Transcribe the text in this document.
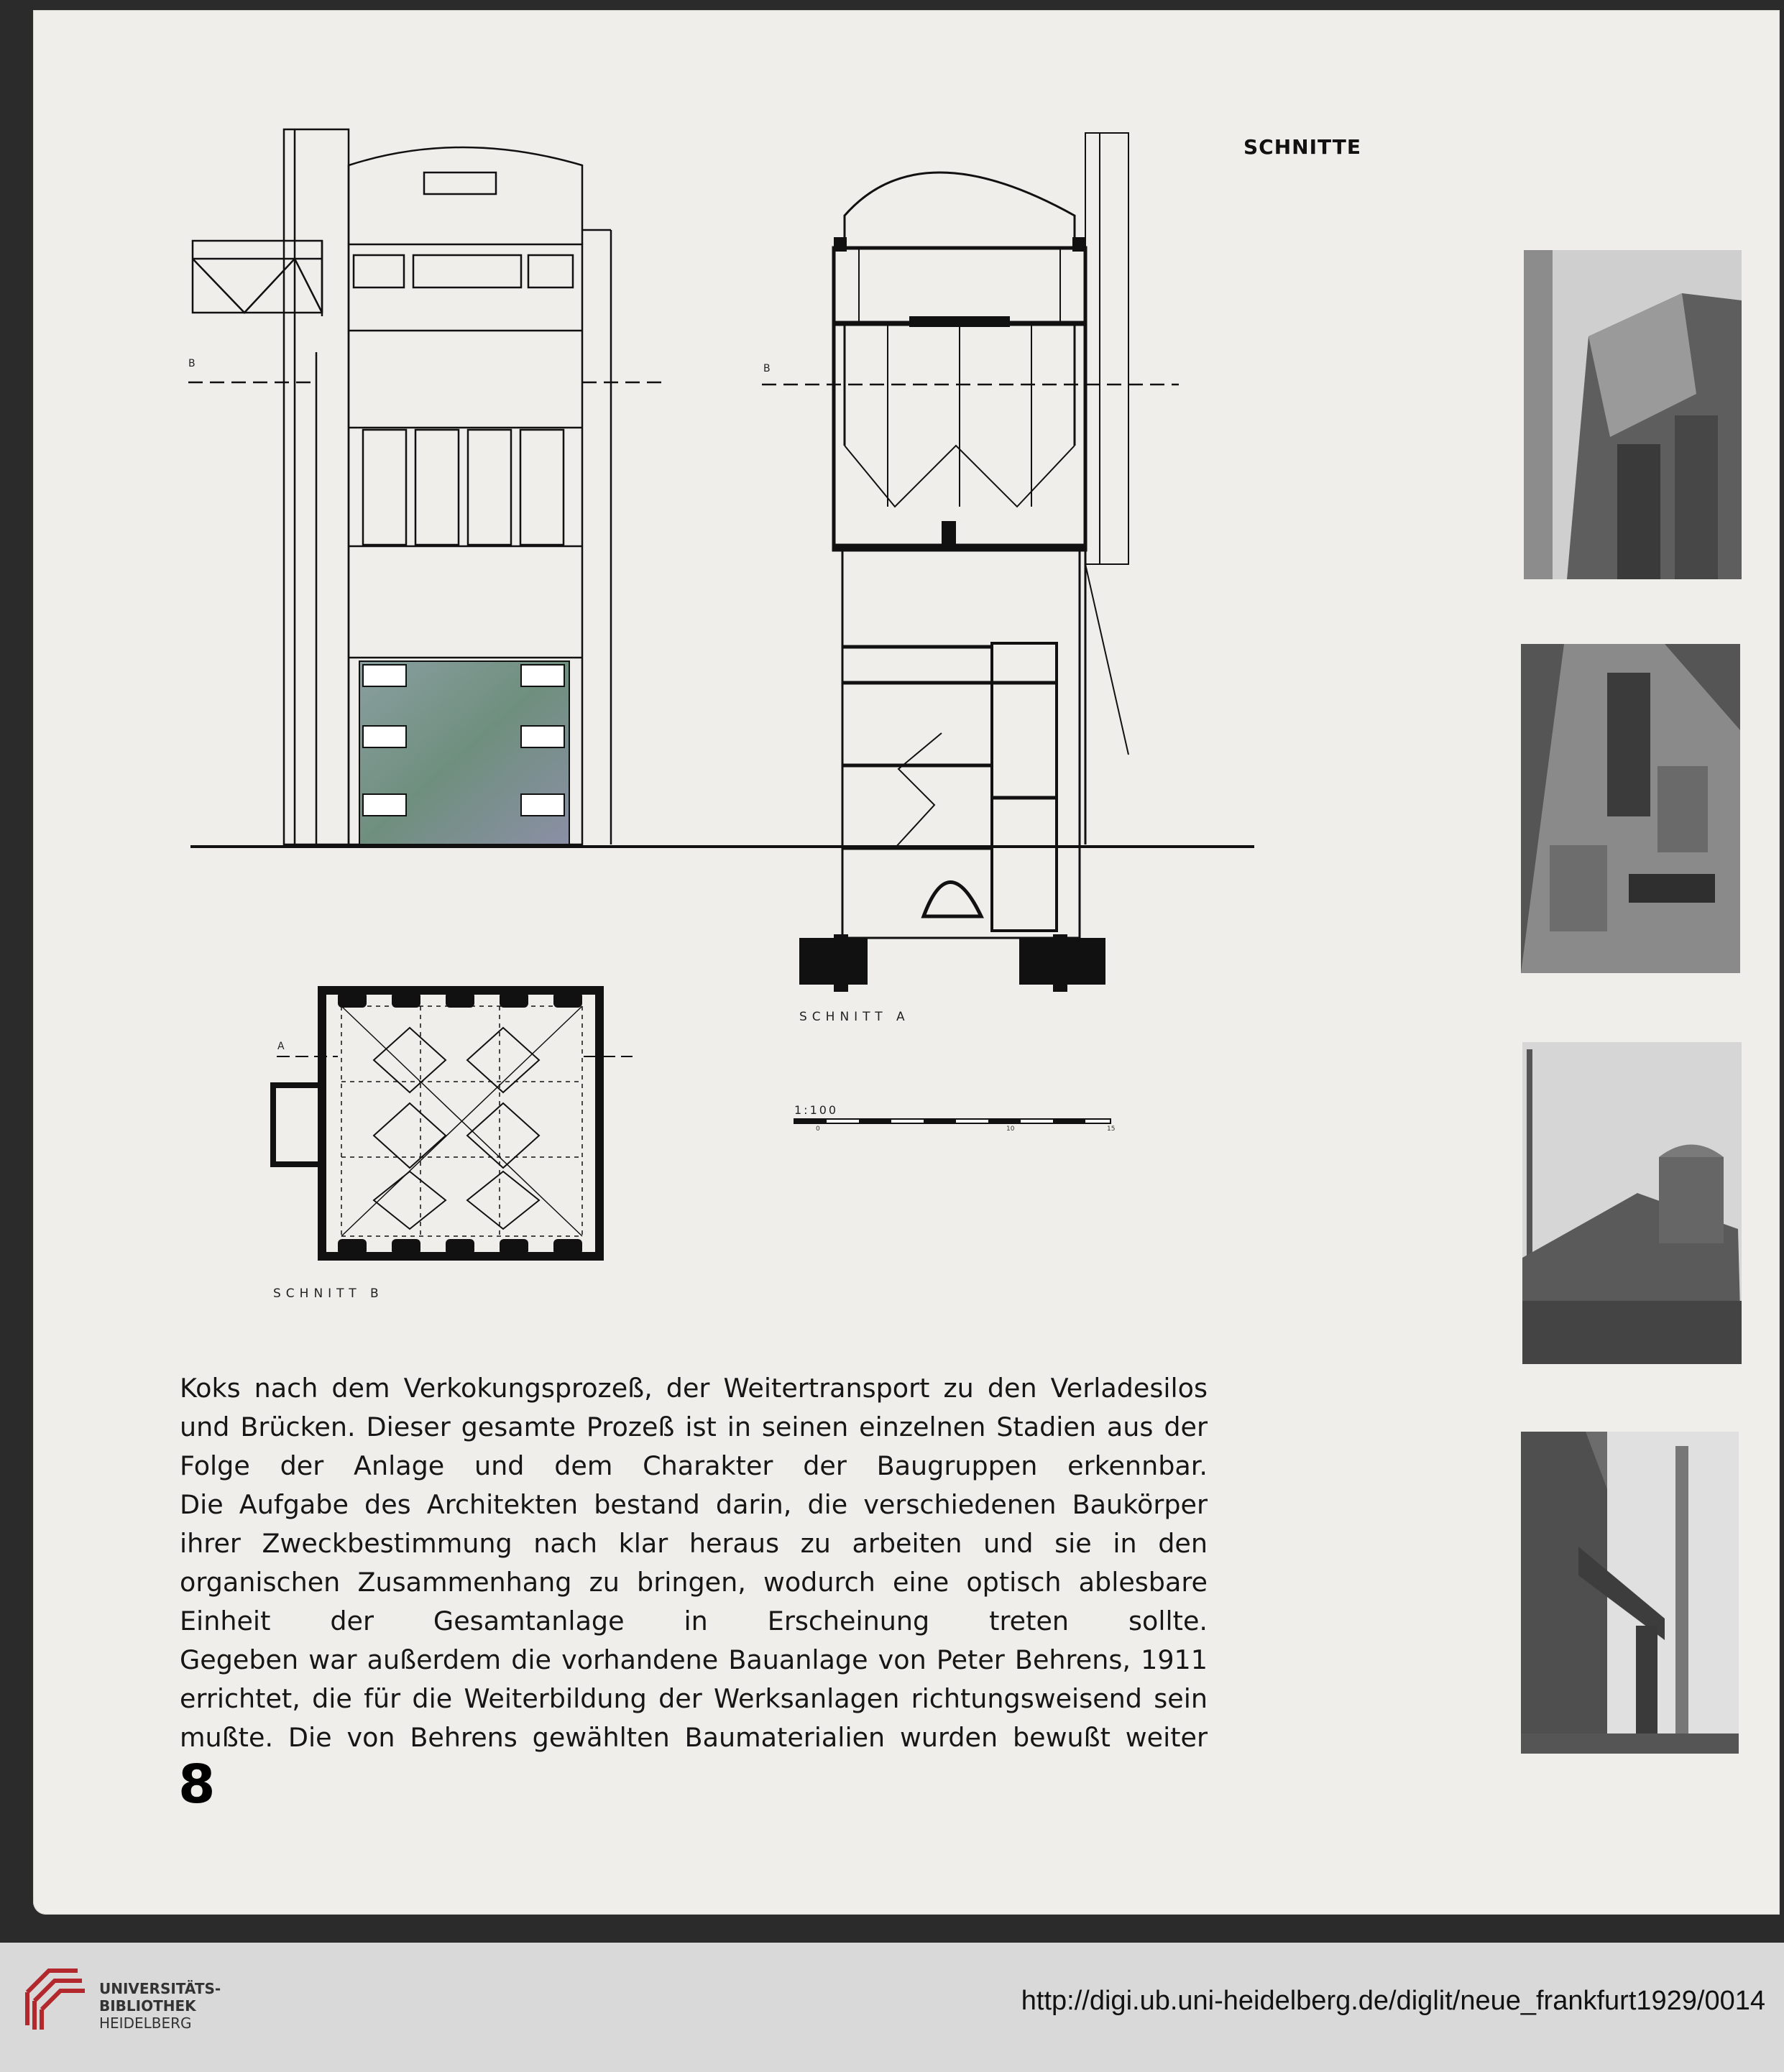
SCHNITTE
B	B
A
SCHNITT A
SCHNITT B
1:100
0	10	15

Koks nach dem Verkokungsprozeß, der Weitertransport zu den Verladesilos und Brücken. Dieser gesamte Prozeß ist in seinen einzelnen Stadien aus der Folge der Anlage und dem Charakter der Baugruppen erkennbar.

Die Aufgabe des Architekten bestand darin, die verschiedenen Baukörper ihrer Zweckbestimmung nach klar heraus zu arbeiten und sie in den organischen Zusammenhang zu bringen, wodurch eine optisch ablesbare Einheit der Gesamtanlage in Erscheinung treten sollte.

Gegeben war außerdem die vorhandene Bauanlage von Peter Behrens, 1911 errichtet, die für die Weiterbildung der Werksanlagen richtungsweisend sein mußte. Die von Behrens gewählten Baumaterialien wurden bewußt weiter

8
UNIVERSITÄTS-
BIBLIOTHEK
HEIDELBERG
http://digi.ub.uni-heidelberg.de/diglit/neue_frankfurt1929/0014
